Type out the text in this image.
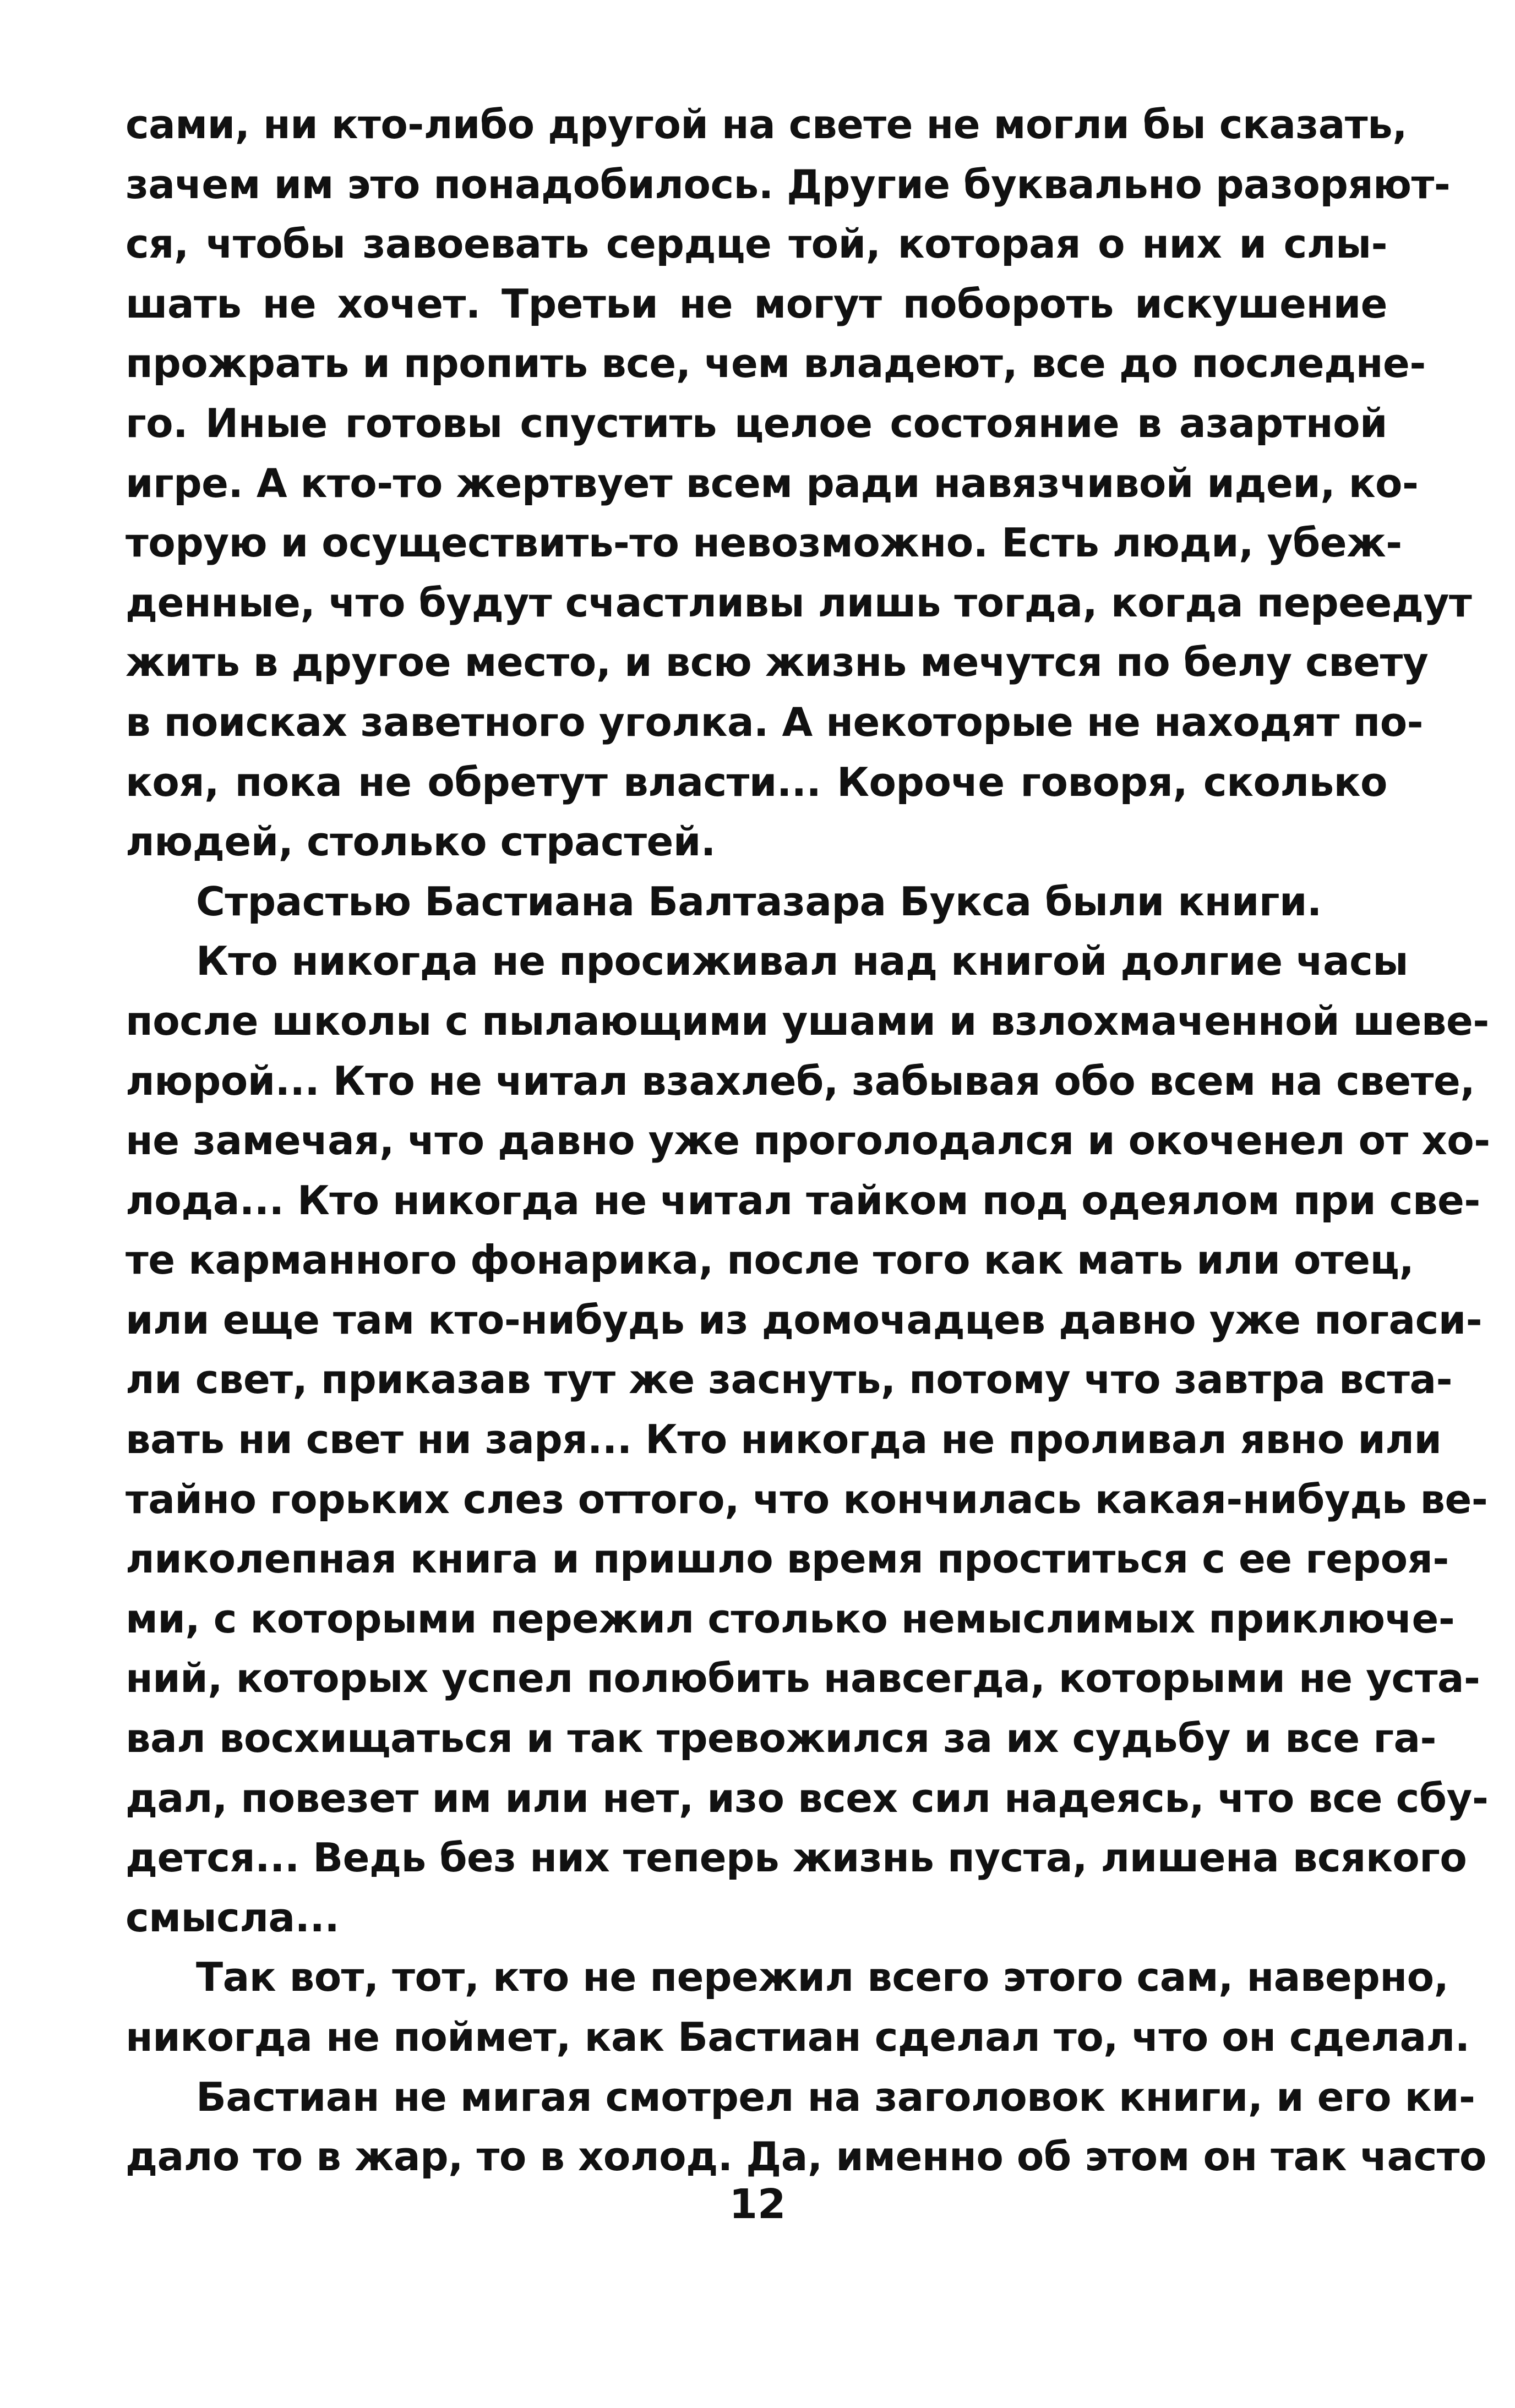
сами, ни кто-либо другой на свете не могли бы сказать,
зачем им это понадобилось. Другие буквально разоряют-
ся, чтобы завоевать сердце той, которая о них и слы-
шать не хочет. Третьи не могут побороть искушение
прожрать и пропить все, чем владеют, все до последне-
го. Иные готовы спустить целое состояние в азартной
игре. А кто-то жертвует всем ради навязчивой идеи, ко-
торую и осуществить-то невозможно. Есть люди, убеж-
денные, что будут счастливы лишь тогда, когда переедут
жить в другое место, и всю жизнь мечутся по белу свету
в поисках заветного уголка. А некоторые не находят по-
коя, пока не обретут власти... Короче говоря, сколько
людей, столько страстей.
Страстью Бастиана Балтазара Букса были книги.
Кто никогда не просиживал над книгой долгие часы
после школы с пылающими ушами и взлохмаченной шеве-
люрой... Кто не читал взахлеб, забывая обо всем на свете,
не замечая, что давно уже проголодался и окоченел от хо-
лода... Кто никогда не читал тайком под одеялом при све-
те карманного фонарика, после того как мать или отец,
или еще там кто-нибудь из домочадцев давно уже погаси-
ли свет, приказав тут же заснуть, потому что завтра вста-
вать ни свет ни заря... Кто никогда не проливал явно или
тайно горьких слез оттого, что кончилась какая-нибудь ве-
ликолепная книга и пришло время проститься с ее героя-
ми, с которыми пережил столько немыслимых приключе-
ний, которых успел полюбить навсегда, которыми не уста-
вал восхищаться и так тревожился за их судьбу и все га-
дал, повезет им или нет, изо всех сил надеясь, что все сбу-
дется... Ведь без них теперь жизнь пуста, лишена всякого
смысла...
Так вот, тот, кто не пережил всего этого сам, наверно,
никогда не поймет, как Бастиан сделал то, что он сделал.
Бастиан не мигая смотрел на заголовок книги, и его ки-
дало то в жар, то в холод. Да, именно об этом он так часто
12
